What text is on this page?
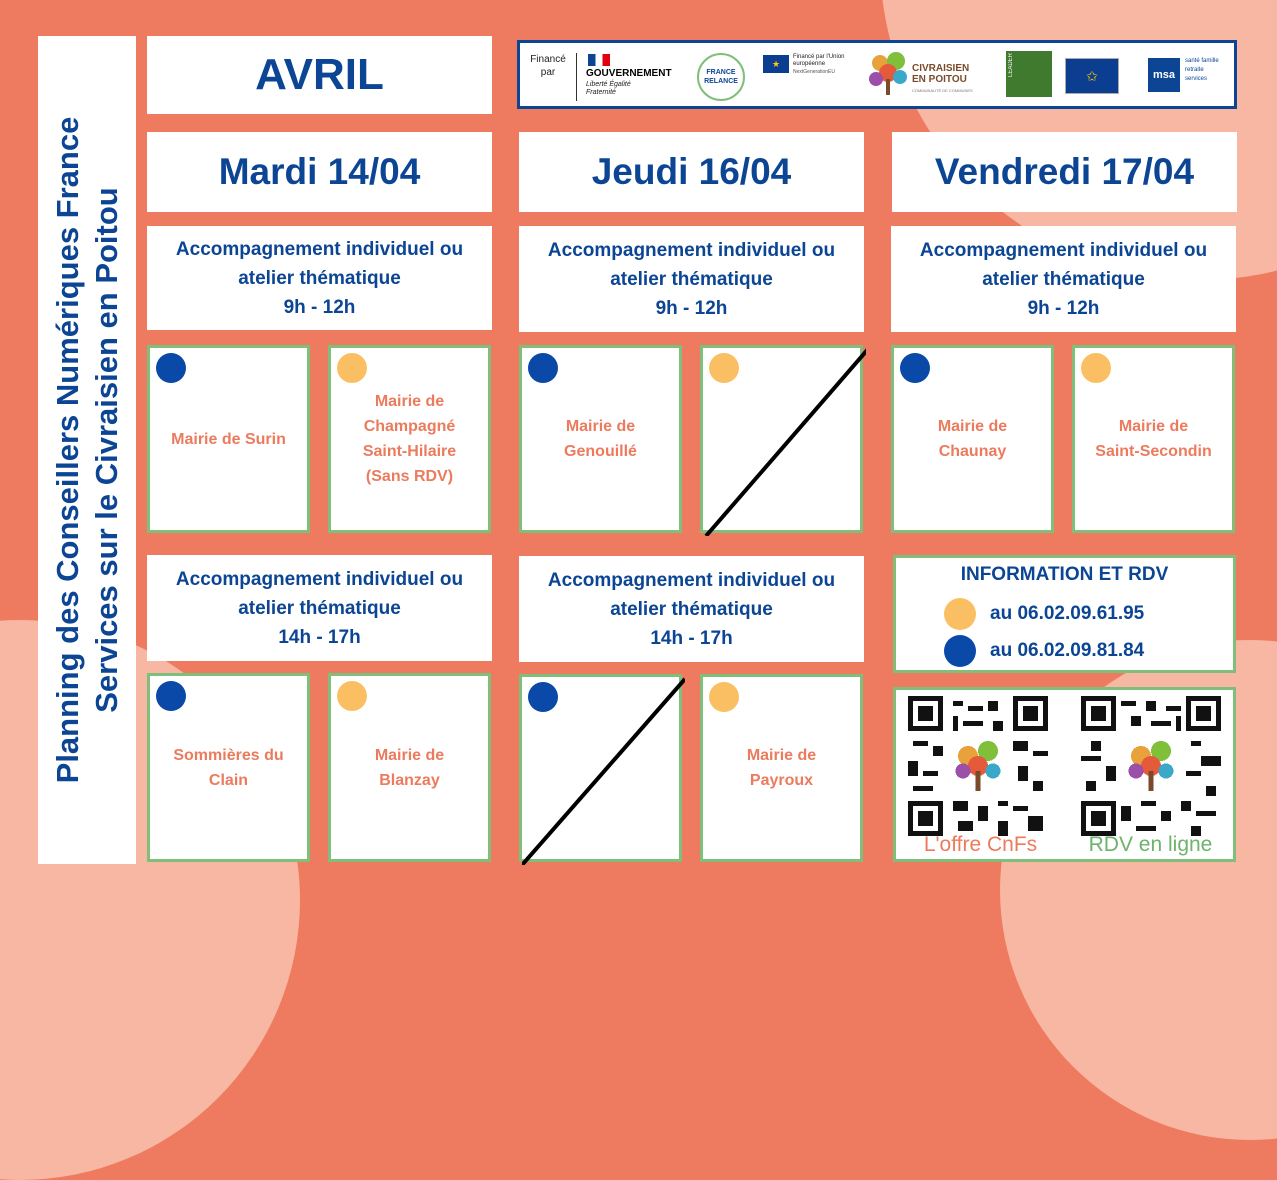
Planning des Conseillers Numériques France Services sur le Civraisien en Poitou
AVRIL	Financé par	GOUVERNEMENT
Liberté Égalité Fraternité
FRANCE RELANCE
★
Financé par l'Union européenne
NextGenerationEU	CIVRAISIEN EN POITOU
COMMUNAUTÉ DE COMMUNES
LEADER	✩	msa
santé famille retraite services
Mardi 14/04
Accompagnement individuel ou
atelier thématique
9h - 12h
Mairie de Surin
Mairie de
Champagné
Saint-Hilaire
(Sans RDV)
Accompagnement individuel ou
atelier thématique
14h - 17h
Sommières du
Clain
Mairie de
Blanzay
Jeudi 16/04
Accompagnement individuel ou
atelier thématique
9h - 12h
Mairie de
Genouillé
Accompagnement individuel ou
atelier thématique
14h - 17h
Mairie de
Payroux
Vendredi 17/04
Accompagnement individuel ou
atelier thématique
9h - 12h
Mairie de
Chaunay
Mairie de
Saint-Secondin
INFORMATION ET RDV
au 06.02.09.61.95
au 06.02.09.81.84
L'offre CnFs	RDV en ligne
